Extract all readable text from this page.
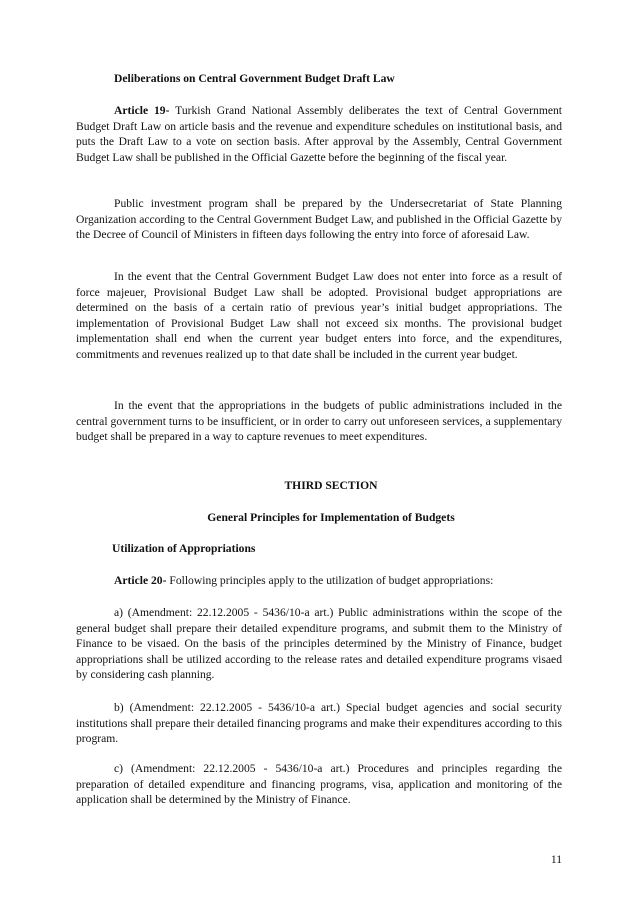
Deliberations on Central Government Budget Draft Law

Article 19- Turkish Grand National Assembly deliberates the text of Central Government Budget Draft Law on article basis and the revenue and expenditure schedules on institutional basis, and puts the Draft Law to a vote on section basis. After approval by the Assembly, Central Government Budget Law shall be published in the Official Gazette before the beginning of the fiscal year.

Public investment program shall be prepared by the Undersecretariat of State Planning Organization according to the Central Government Budget Law, and published in the Official Gazette by the Decree of Council of Ministers in fifteen days following the entry into force of aforesaid Law.

In the event that the Central Government Budget Law does not enter into force as a result of force majeuer, Provisional Budget Law shall be adopted. Provisional budget appropriations are determined on the basis of a certain ratio of previous year’s initial budget appropriations. The implementation of Provisional Budget Law shall not exceed six months. The provisional budget implementation shall end when the current year budget enters into force, and the expenditures, commitments and revenues realized up to that date shall be included in the current year budget.

In the event that the appropriations in the budgets of public administrations included in the central government turns to be insufficient, or in order to carry out unforeseen services, a supplementary budget shall be prepared in a way to capture revenues to meet expenditures.

THIRD SECTION

General Principles for Implementation of Budgets

Utilization of Appropriations

Article 20- Following principles apply to the utilization of budget appropriations:

a) (Amendment: 22.12.2005 - 5436/10-a art.) Public administrations within the scope of the general budget shall prepare their detailed expenditure programs, and submit them to the Ministry of Finance to be visaed. On the basis of the principles determined by the Ministry of Finance, budget appropriations shall be utilized according to the release rates and detailed expenditure programs visaed by considering cash planning.

b) (Amendment: 22.12.2005 - 5436/10-a art.) Special budget agencies and social security institutions shall prepare their detailed financing programs and make their expenditures according to this program.

c) (Amendment: 22.12.2005 - 5436/10-a art.) Procedures and principles regarding the preparation of detailed expenditure and financing programs, visa, application and monitoring of the application shall be determined by the Ministry of Finance.

11
